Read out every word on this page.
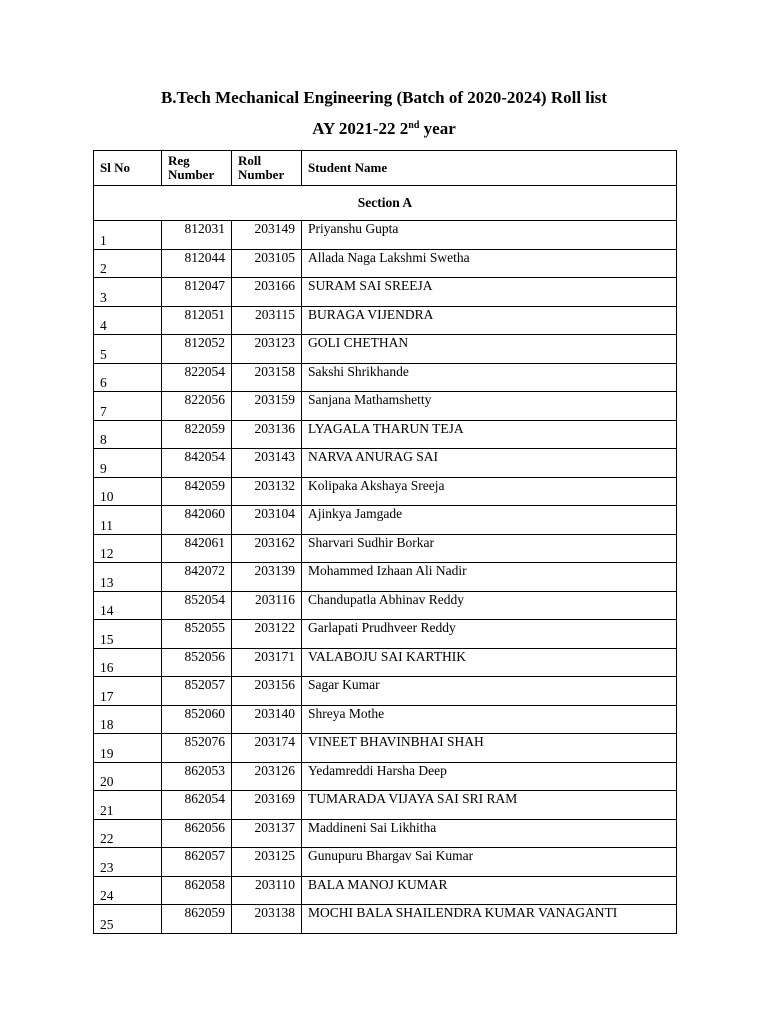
B.Tech Mechanical Engineering (Batch of 2020-2024) Roll list
AY 2021-22 2nd year
Sl No	Reg Number	Roll Number	Student Name
Section A			
1	812031	203149	Priyanshu Gupta
2	812044	203105	Allada Naga Lakshmi Swetha
3	812047	203166	SURAM SAI SREEJA
4	812051	203115	BURAGA VIJENDRA
5	812052	203123	GOLI CHETHAN
6	822054	203158	Sakshi Shrikhande
7	822056	203159	Sanjana Mathamshetty
8	822059	203136	LYAGALA THARUN TEJA
9	842054	203143	NARVA ANURAG SAI
10	842059	203132	Kolipaka Akshaya Sreeja
11	842060	203104	Ajinkya Jamgade
12	842061	203162	Sharvari Sudhir Borkar
13	842072	203139	Mohammed Izhaan Ali Nadir
14	852054	203116	Chandupatla Abhinav Reddy
15	852055	203122	Garlapati Prudhveer Reddy
16	852056	203171	VALABOJU SAI KARTHIK
17	852057	203156	Sagar Kumar
18	852060	203140	Shreya Mothe
19	852076	203174	VINEET BHAVINBHAI SHAH
20	862053	203126	Yedamreddi Harsha Deep
21	862054	203169	TUMARADA VIJAYA SAI SRI RAM
22	862056	203137	Maddineni Sai Likhitha
23	862057	203125	Gunupuru Bhargav Sai Kumar
24	862058	203110	BALA MANOJ KUMAR
25	862059	203138	MOCHI BALA SHAILENDRA KUMAR VANAGANTI
